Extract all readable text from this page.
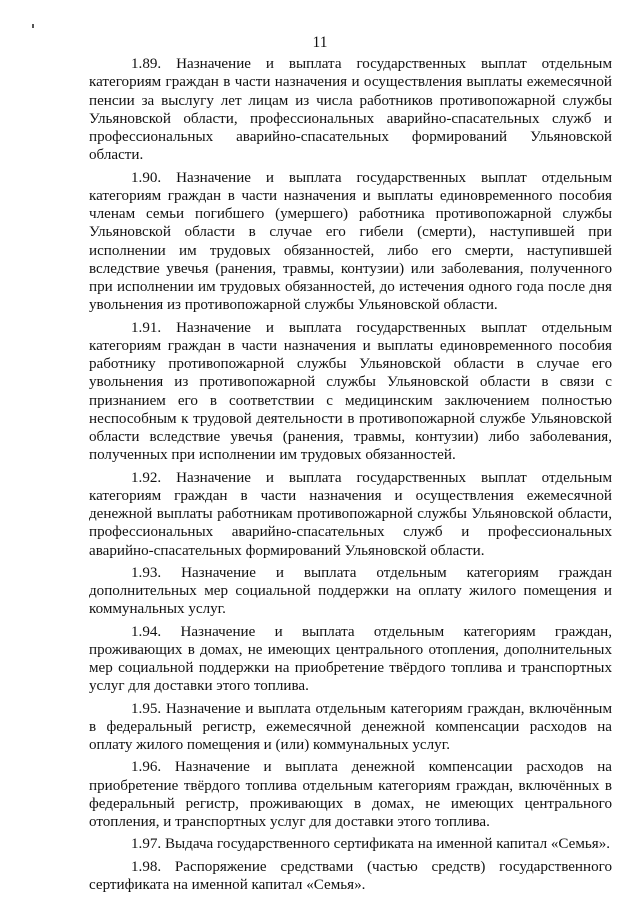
11

1.89. Назначение и выплата государственных выплат отдельным категориям граждан в части назначения и осуществления выплаты ежемесячной пенсии за выслугу лет лицам из числа работников противопожарной службы Ульяновской области, профессиональных аварийно-спасательных служб и профессиональных аварийно-спасательных формирований Ульяновской области.

1.90. Назначение и выплата государственных выплат отдельным категориям граждан в части назначения и выплаты единовременного пособия членам семьи погибшего (умершего) работника противопожарной службы Ульяновской области в случае его гибели (смерти), наступившей при исполнении им трудовых обязанностей, либо его смерти, наступившей вследствие увечья (ранения, травмы, контузии) или заболевания, полученного при исполнении им трудовых обязанностей, до истечения одного года после дня увольнения из противопожарной службы Ульяновской области.

1.91. Назначение и выплата государственных выплат отдельным категориям граждан в части назначения и выплаты единовременного пособия работнику противопожарной службы Ульяновской области в случае его увольнения из противопожарной службы Ульяновской области в связи с признанием его в соответствии с медицинским заключением полностью неспособным к трудовой деятельности в противопожарной службе Ульяновской области вследствие увечья (ранения, травмы, контузии) либо заболевания, полученных при исполнении им трудовых обязанностей.

1.92. Назначение и выплата государственных выплат отдельным категориям граждан в части назначения и осуществления ежемесячной денежной выплаты работникам противопожарной службы Ульяновской области, профессиональных аварийно-спасательных служб и профессиональных аварийно-спасательных формирований Ульяновской области.

1.93. Назначение и выплата отдельным категориям граждан дополнительных мер социальной поддержки на оплату жилого помещения и коммунальных услуг.

1.94. Назначение и выплата отдельным категориям граждан, проживающих в домах, не имеющих центрального отопления, дополнительных мер социальной поддержки на приобретение твёрдого топлива и транспортных услуг для доставки этого топлива.

1.95. Назначение и выплата отдельным категориям граждан, включённым в федеральный регистр, ежемесячной денежной компенсации расходов на оплату жилого помещения и (или) коммунальных услуг.

1.96. Назначение и выплата денежной компенсации расходов на приобретение твёрдого топлива отдельным категориям граждан, включённых в федеральный регистр, проживающих в домах, не имеющих центрального отопления, и транспортных услуг для доставки этого топлива.

1.97. Выдача государственного сертификата на именной капитал «Семья».

1.98. Распоряжение средствами (частью средств) государственного сертификата на именной капитал «Семья».
